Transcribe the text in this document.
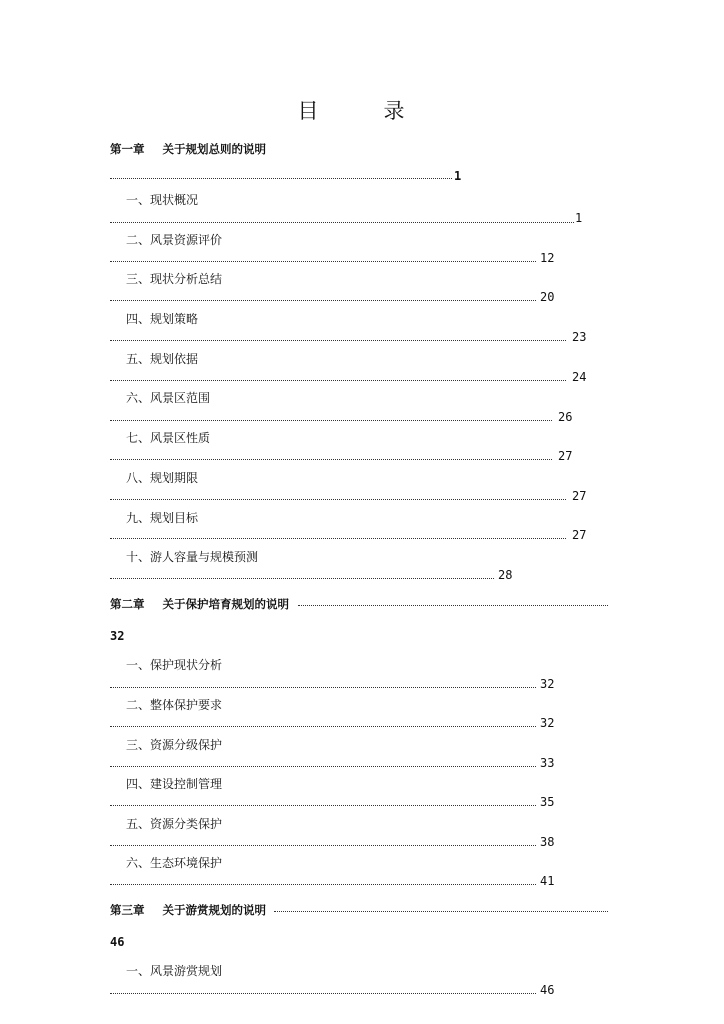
目　录
第一章 关于规划总则的说明
1
一、现状概况
1
二、风景资源评价
12
三、现状分析总结
20
四、规划策略
23
五、规划依据
24
六、风景区范围
26
七、风景区性质
27
八、规划期限
27
九、规划目标
27
十、游人容量与规模预测
28
第二章 关于保护培育规划的说明
32
一、保护现状分析
32
二、整体保护要求
32
三、资源分级保护
33
四、建设控制管理
35
五、资源分类保护
38
六、生态环境保护
41
第三章 关于游赏规划的说明
46
一、风景游赏规划
46
